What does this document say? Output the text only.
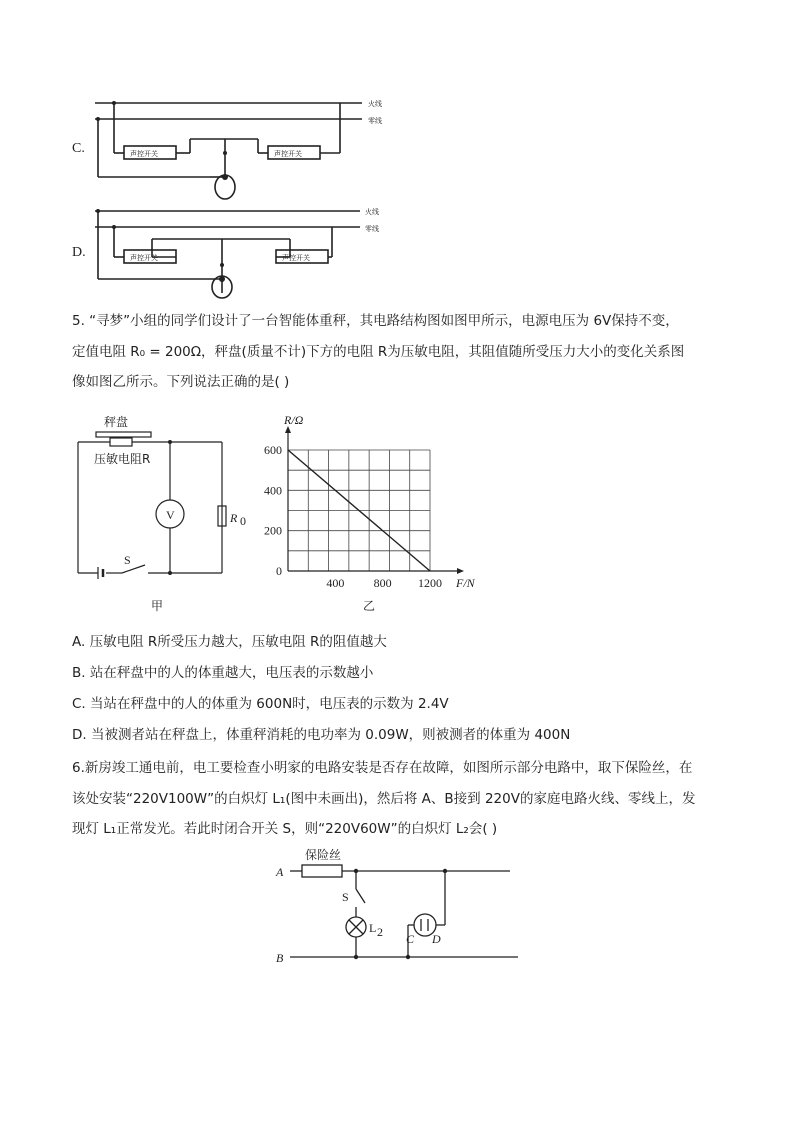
C.
火线
零线
声控开关	声控开关
D.
火线
零线
声控开关	声控开关
5. “寻梦”小组的同学们设计了一台智能体重秤，其电路结构图如图甲所示，电源电压为 6V保持不变，
定值电阻 R₀ = 200Ω，秤盘(质量不计)下方的电阻 R为压敏电阻，其阻值随所受压力大小的变化关系图
像如图乙所示。下列说法正确的是( )
秤盘
压敏电阻R
V	R 0
S
甲
400 800 1200
0
200
400
600
R/Ω
F/N
乙
A. 压敏电阻 R所受压力越大，压敏电阻 R的阻值越大
B. 站在秤盘中的人的体重越大，电压表的示数越小
C. 当站在秤盘中的人的体重为 600N时，电压表的示数为 2.4V
D. 当被测者站在秤盘上，体重秤消耗的电功率为 0.09W，则被测者的体重为 400N
6.新房竣工通电前，电工要检查小明家的电路安装是否存在故障，如图所示部分电路中，取下保险丝，在
该处安装“220V100W”的白炽灯 L₁(图中未画出)，然后将 A、B接到 220V的家庭电路火线、零线上，发
现灯 L₁正常发光。若此时闭合开关 S，则“220V60W”的白炽灯 L₂会( )
A
B
保险丝
S
L 2 C D
